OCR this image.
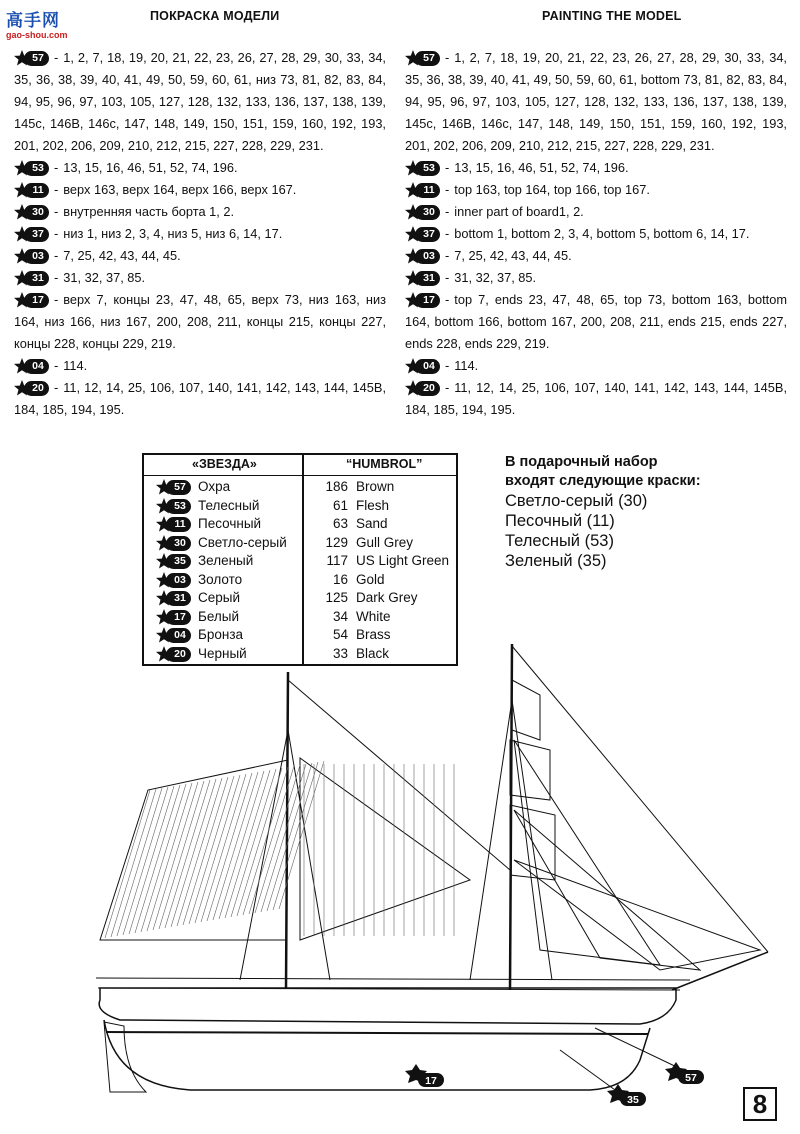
高手网
gao-shou.com
ПОКРАСКА МОДЕЛИ	PAINTING THE MODEL
57 - 1, 2, 7, 18, 19, 20, 21, 22, 23, 26, 27, 28, 29, 30, 33, 34, 35, 36, 38, 39, 40, 41, 49, 50, 59, 60, 61, низ 73, 81, 82, 83, 84, 94, 95, 96, 97, 103, 105, 127, 128, 132, 133, 136, 137, 138, 139, 145c, 146B, 146c, 147, 148, 149, 150, 151, 159, 160, 192, 193, 201, 202, 206, 209, 210, 212, 215, 227, 228, 229, 231.
53 - 13, 15, 16, 46, 51, 52, 74, 196.
11 - верх 163, верх 164, верх 166, верх 167.
30 - внутренняя часть борта 1, 2.
37 - низ 1, низ 2, 3, 4, низ 5, низ 6, 14, 17.
03 - 7, 25, 42, 43, 44, 45.
31 - 31, 32, 37, 85.
17 - верх 7, концы 23, 47, 48, 65, верх 73, низ 163, низ 164, низ 166, низ 167, 200, 208, 211, концы 215, концы 227, концы 228, концы 229, 219.
04 - 114.
20 - 11, 12, 14, 25, 106, 107, 140, 141, 142, 143, 144, 145B, 184, 185, 194, 195.
57 - 1, 2, 7, 18, 19, 20, 21, 22, 23, 26, 27, 28, 29, 30, 33, 34, 35, 36, 38, 39, 40, 41, 49, 50, 59, 60, 61, bottom 73, 81, 82, 83, 84, 94, 95, 96, 97, 103, 105, 127, 128, 132, 133, 136, 137, 138, 139, 145c, 146B, 146c, 147, 148, 149, 150, 151, 159, 160, 192, 193, 201, 202, 206, 209, 210, 212, 215, 227, 228, 229, 231.
53 - 13, 15, 16, 46, 51, 52, 74, 196.
11 - top 163, top 164, top 166, top 167.
30 - inner part of board1, 2.
37 - bottom 1, bottom 2, 3, 4, bottom 5, bottom 6, 14, 17.
03 - 7, 25, 42, 43, 44, 45.
31 - 31, 32, 37, 85.
17 - top 7, ends 23, 47, 48, 65, top 73, bottom 163, bottom 164, bottom 166, bottom 167, 200, 208, 211, ends 215, ends 227, ends 228, ends 229, 219.
04 - 114.
20 - 11, 12, 14, 25, 106, 107, 140, 141, 142, 143, 144, 145B, 184, 185, 194, 195.
«ЗВЕЗДА»	“HUMBROL”
57 Охра	186 Brown
53 Телесный	61 Flesh
11 Песочный	63 Sand
30 Светло-серый	129 Gull Grey
35 Зеленый	117 US Light Green
03 Золото	16 Gold
31 Серый	125 Dark Grey
17 Белый	34 White
04 Бронза	54 Brass
20 Черный	33 Black
В подарочный набор входят следующие краски:
Светло-серый (30)
Песочный (11)
Телесный (53)
Зеленый (35)
17
35
57
8
